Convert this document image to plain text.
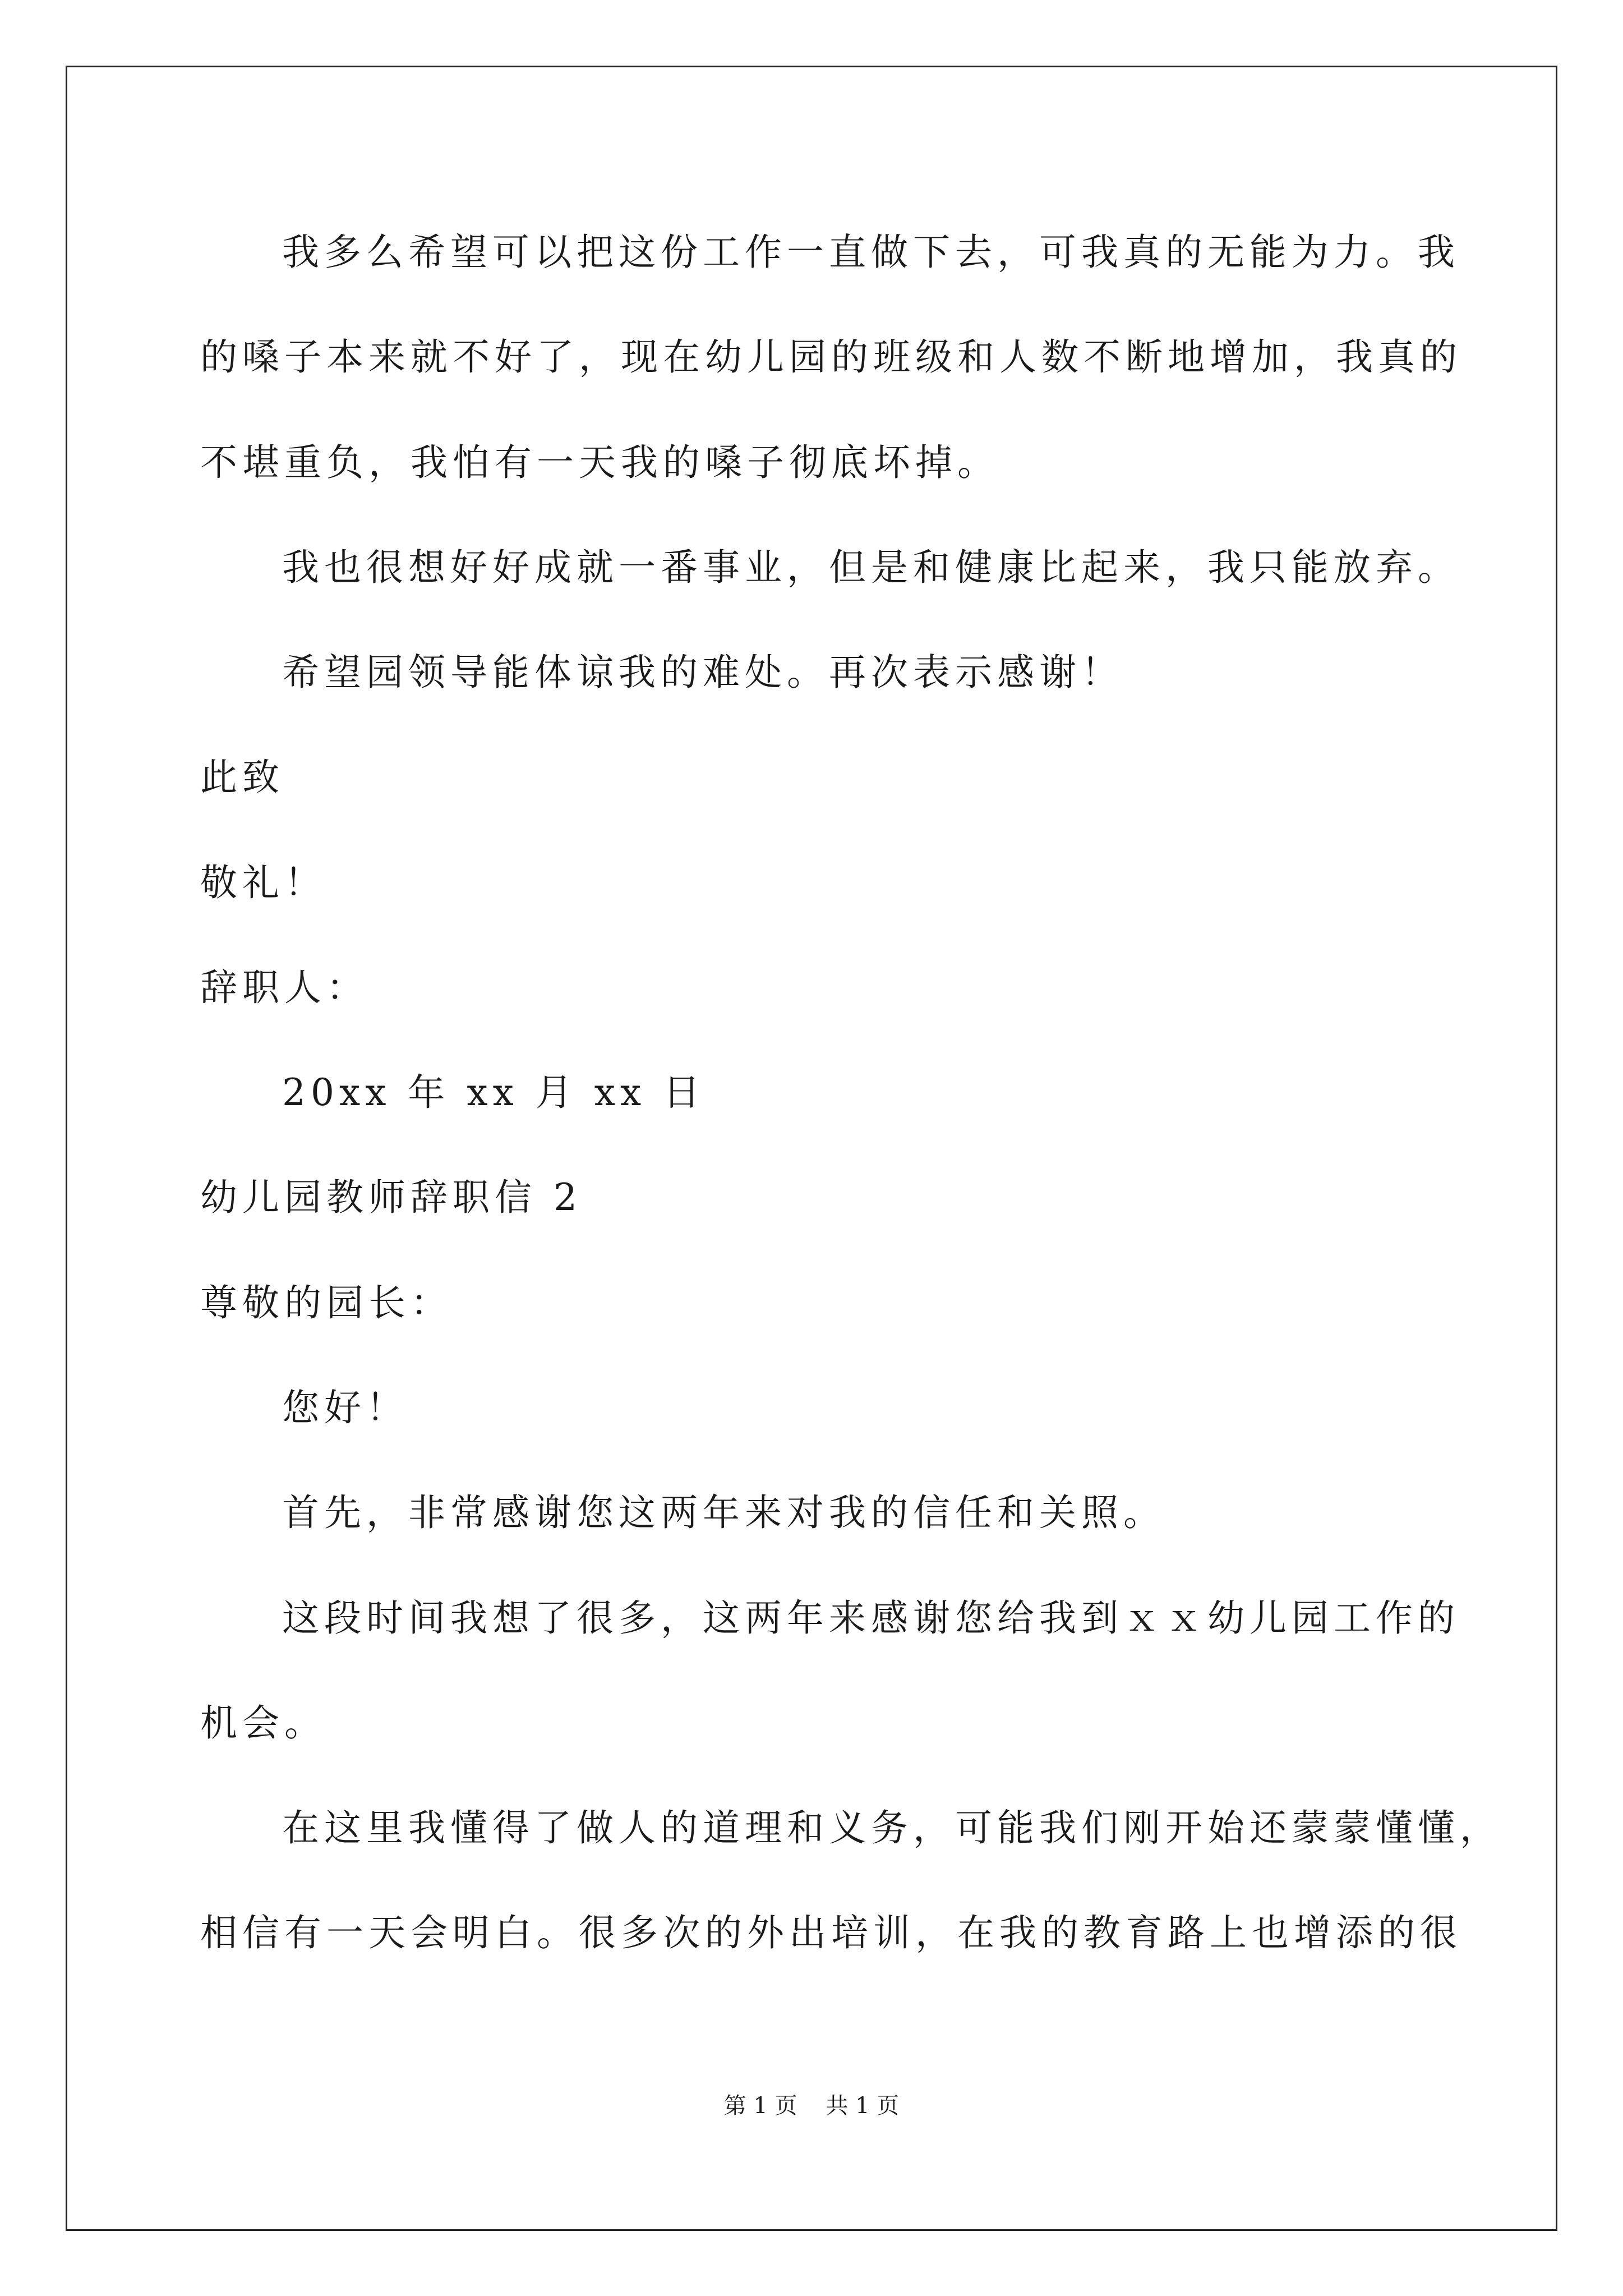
我多么希望可以把这份工作一直做下去，可我真的无能为力。我
的嗓子本来就不好了，现在幼儿园的班级和人数不断地增加，我真的
不堪重负，我怕有一天我的嗓子彻底坏掉。
我也很想好好成就一番事业，但是和健康比起来，我只能放弃。
希望园领导能体谅我的难处。再次表示感谢！
此致
敬礼！
辞职人：
20xx 年 xx 月 xx 日
幼儿园教师辞职信 2
尊敬的园长：
您好！
首先，非常感谢您这两年来对我的信任和关照。
这段时间我想了很多，这两年来感谢您给我到ｘｘ幼儿园工作的
机会。
在这里我懂得了做人的道理和义务，可能我们刚开始还蒙蒙懂懂，
相信有一天会明白。很多次的外出培训，在我的教育路上也增添的很
第 1 页    共 1 页
